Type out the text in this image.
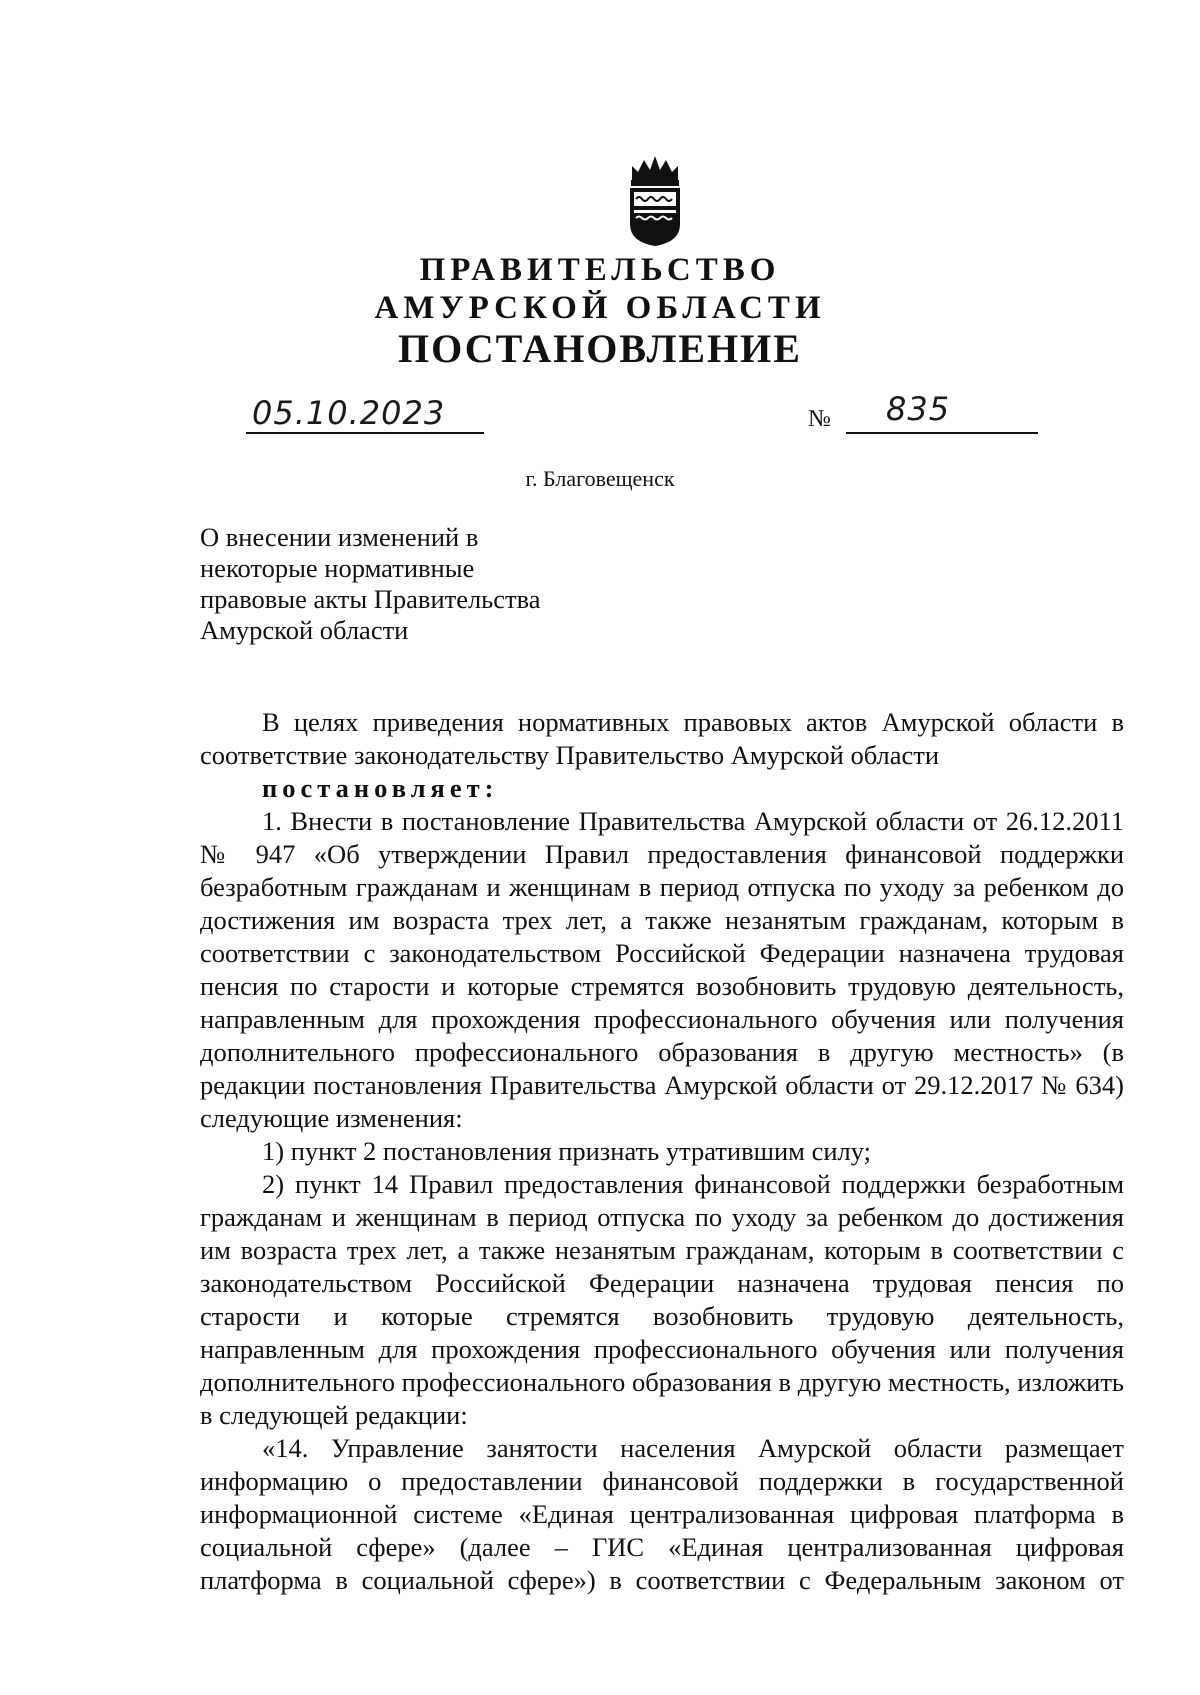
ПРАВИТЕЛЬСТВО
АМУРСКОЙ ОБЛАСТИ
ПОСТАНОВЛЕНИЕ
05.10.2023	№ 835
г. Благовещенск
О внесении изменений в
некоторые нормативные
правовые акты Правительства
Амурской области

В целях приведения нормативных правовых актов Амурской области в соответствие законодательству Правительство Амурской области

постановляет:

1. Внести в постановление Правительства Амурской области от 26.12.2011 № 947 «Об утверждении Правил предоставления финансовой поддержки безработным гражданам и женщинам в период отпуска по уходу за ребенком до достижения им возраста трех лет, а также незанятым гражданам, которым в соответствии с законодательством Российской Федерации назначена трудовая пенсия по старости и которые стремятся возобновить трудовую деятельность, направленным для прохождения профессионального обучения или получения дополнительного профессионального образования в другую местность» (в редакции постановления Правительства Амурской области от 29.12.2017 № 634) следующие изменения:

1) пункт 2 постановления признать утратившим силу;

2) пункт 14 Правил предоставления финансовой поддержки безработным гражданам и женщинам в период отпуска по уходу за ребенком до достижения им возраста трех лет, а также незанятым гражданам, которым в соответствии с законодательством Российской Федерации назначена трудовая пенсия по старости и которые стремятся возобновить трудовую деятельность, направленным для прохождения профессионального обучения или получения дополнительного профессионального образования в другую местность, изложить в следующей редакции:

«14. Управление занятости населения Амурской области размещает информацию о предоставлении финансовой поддержки в государственной информационной системе «Единая централизованная цифровая платформа в социальной сфере» (далее – ГИС «Единая централизованная цифровая платформа в социальной сфере») в соответствии с Федеральным законом от
